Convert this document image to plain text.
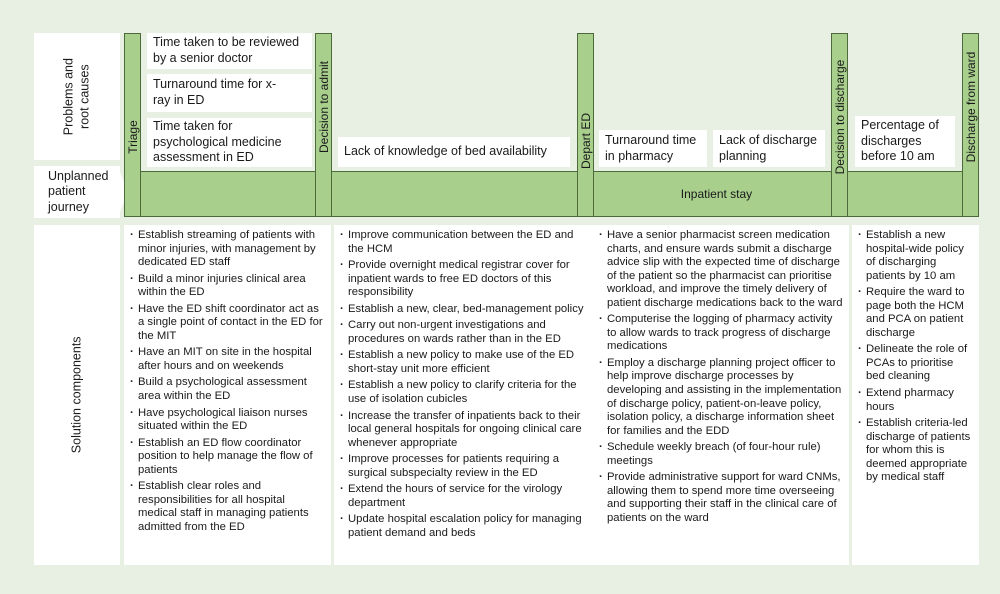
Problems and root causes
Unplanned patient journey
Solution components
Inpatient stay
Triage	Decision to admit	Depart ED	Decision to discharge	Discharge from ward
Time taken to be reviewed by a senior doctor
Turnaround time for x-ray in ED
Time taken for psychological medicine assessment in ED	Lack of knowledge of bed availability
Turnaround time in pharmacy
Lack of discharge planning
Percentage of discharges before 10 am
· Establish streaming of patients with minor injuries, with management by dedicated ED staff
· Build a minor injuries clinical area within the ED
· Have the ED shift coordinator act as a single point of contact in the ED for the MIT
· Have an MIT on site in the hospital after hours and on weekends
· Build a psychological assessment area within the ED
· Have psychological liaison nurses situated within the ED
· Establish an ED flow coordinator position to help manage the flow of patients
· Establish clear roles and responsibilities for all hospital medical staff in managing patients admitted from the ED
· Improve communication between the ED and the HCM
· Provide overnight medical registrar cover for inpatient wards to free ED doctors of this responsibility
· Establish a new, clear, bed-management policy
· Carry out non-urgent investigations and procedures on wards rather than in the ED
· Establish a new policy to make use of the ED short-stay unit more efficient
· Establish a new policy to clarify criteria for the use of isolation cubicles
· Increase the transfer of inpatients back to their local general hospitals for ongoing clinical care whenever appropriate
· Improve processes for patients requiring a surgical subspecialty review in the ED
· Extend the hours of service for the virology department
· Update hospital escalation policy for managing patient demand and beds
· Have a senior pharmacist screen medication charts, and ensure wards submit a discharge advice slip with the expected time of discharge of the patient so the pharmacist can prioritise workload, and improve the timely delivery of patient discharge medications back to the ward
· Computerise the logging of pharmacy activity to allow wards to track progress of discharge medications
· Employ a discharge planning project officer to help improve discharge processes by developing and assisting in the implementation of discharge policy, patient-on-leave policy, isolation policy, a discharge information sheet for families and the EDD
· Schedule weekly breach (of four-hour rule) meetings
· Provide administrative support for ward CNMs, allowing them to spend more time overseeing and supporting their staff in the clinical care of patients on the ward
· Establish a new hospital-wide policy of discharging patients by 10 am
· Require the ward to page both the HCM and PCA on patient discharge
· Delineate the role of PCAs to prioritise bed cleaning
· Extend pharmacy hours
· Establish criteria-led discharge of patients for whom this is deemed appropriate by medical staff
